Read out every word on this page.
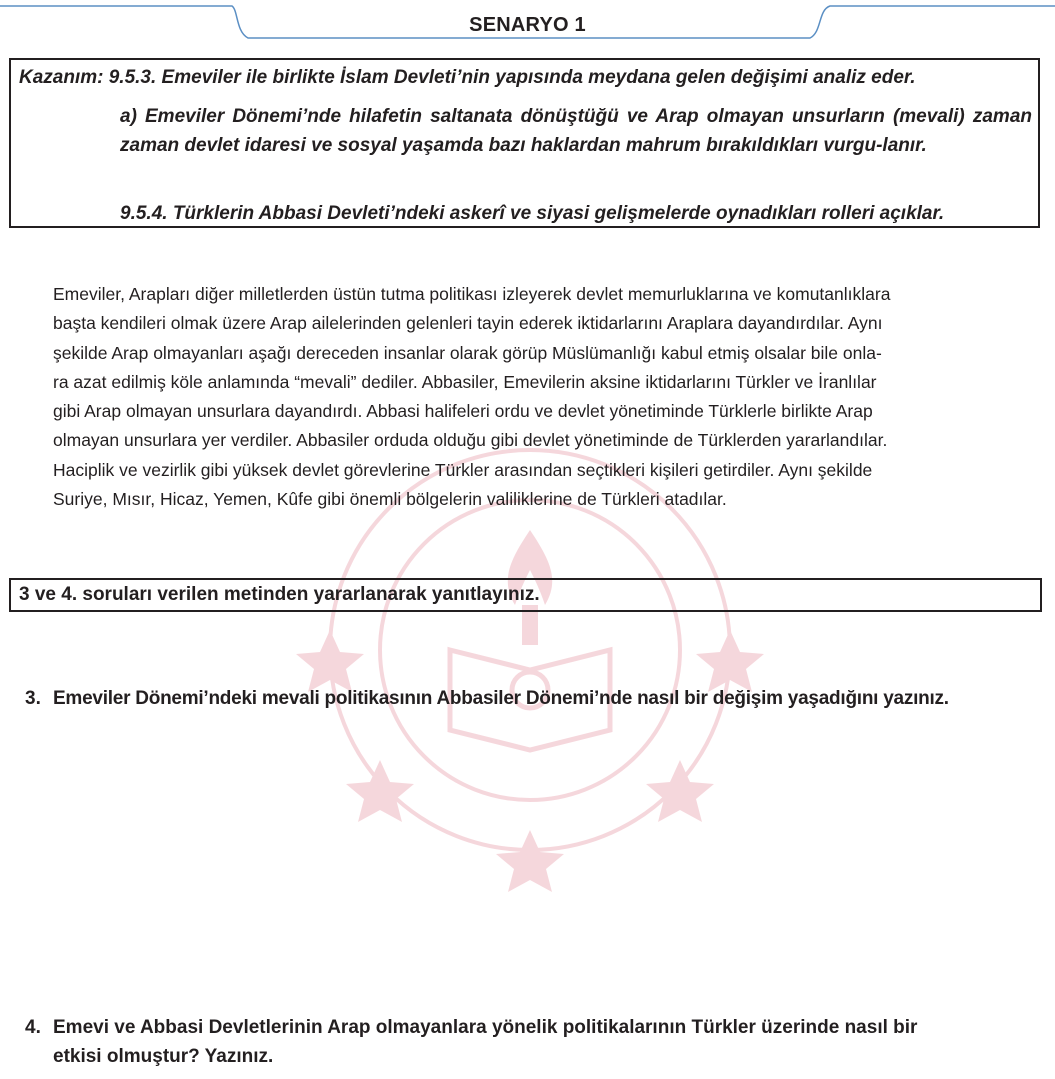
SENARYO 1
Kazanım: 9.5.3. Emeviler ile birlikte İslam Devleti’nin yapısında meydana gelen değişimi analiz eder.
a) Emeviler Dönemi’nde hilafetin saltanata dönüştüğü ve Arap olmayan unsurların (mevali) zaman zaman devlet idaresi ve sosyal yaşamda bazı haklardan mahrum bırakıldıkları vurgu-lanır.
9.5.4. Türklerin Abbasi Devleti’ndeki askerî ve siyasi gelişmelerde oynadıkları rolleri açıklar.
Emeviler, Arapları diğer milletlerden üstün tutma politikası izleyerek devlet memurluklarına ve komutanlıklara
başta kendileri olmak üzere Arap ailelerinden gelenleri tayin ederek iktidarlarını Araplara dayandırdılar. Aynı
şekilde Arap olmayanları aşağı dereceden insanlar olarak görüp Müslümanlığı kabul etmiş olsalar bile onla-
ra azat edilmiş köle anlamında “mevali” dediler. Abbasiler, Emevilerin aksine iktidarlarını Türkler ve İranlılar
gibi Arap olmayan unsurlara dayandırdı. Abbasi halifeleri ordu ve devlet yönetiminde Türklerle birlikte Arap
olmayan unsurlara yer verdiler. Abbasiler orduda olduğu gibi devlet yönetiminde de Türklerden yararlandılar.
Haciplik ve vezirlik gibi yüksek devlet görevlerine Türkler arasından seçtikleri kişileri getirdiler. Aynı şekilde
Suriye, Mısır, Hicaz, Yemen, Kûfe gibi önemli bölgelerin valiliklerine de Türkleri atadılar.
3 ve 4. soruları verilen metinden yararlanarak yanıtlayınız.
3. Emeviler Dönemi’ndeki mevali politikasının Abbasiler Dönemi’nde nasıl bir değişim yaşadığını yazınız.
4. Emevi ve Abbasi Devletlerinin Arap olmayanlara yönelik politikalarının Türkler üzerinde nasıl bir
etkisi olmuştur? Yazınız.
